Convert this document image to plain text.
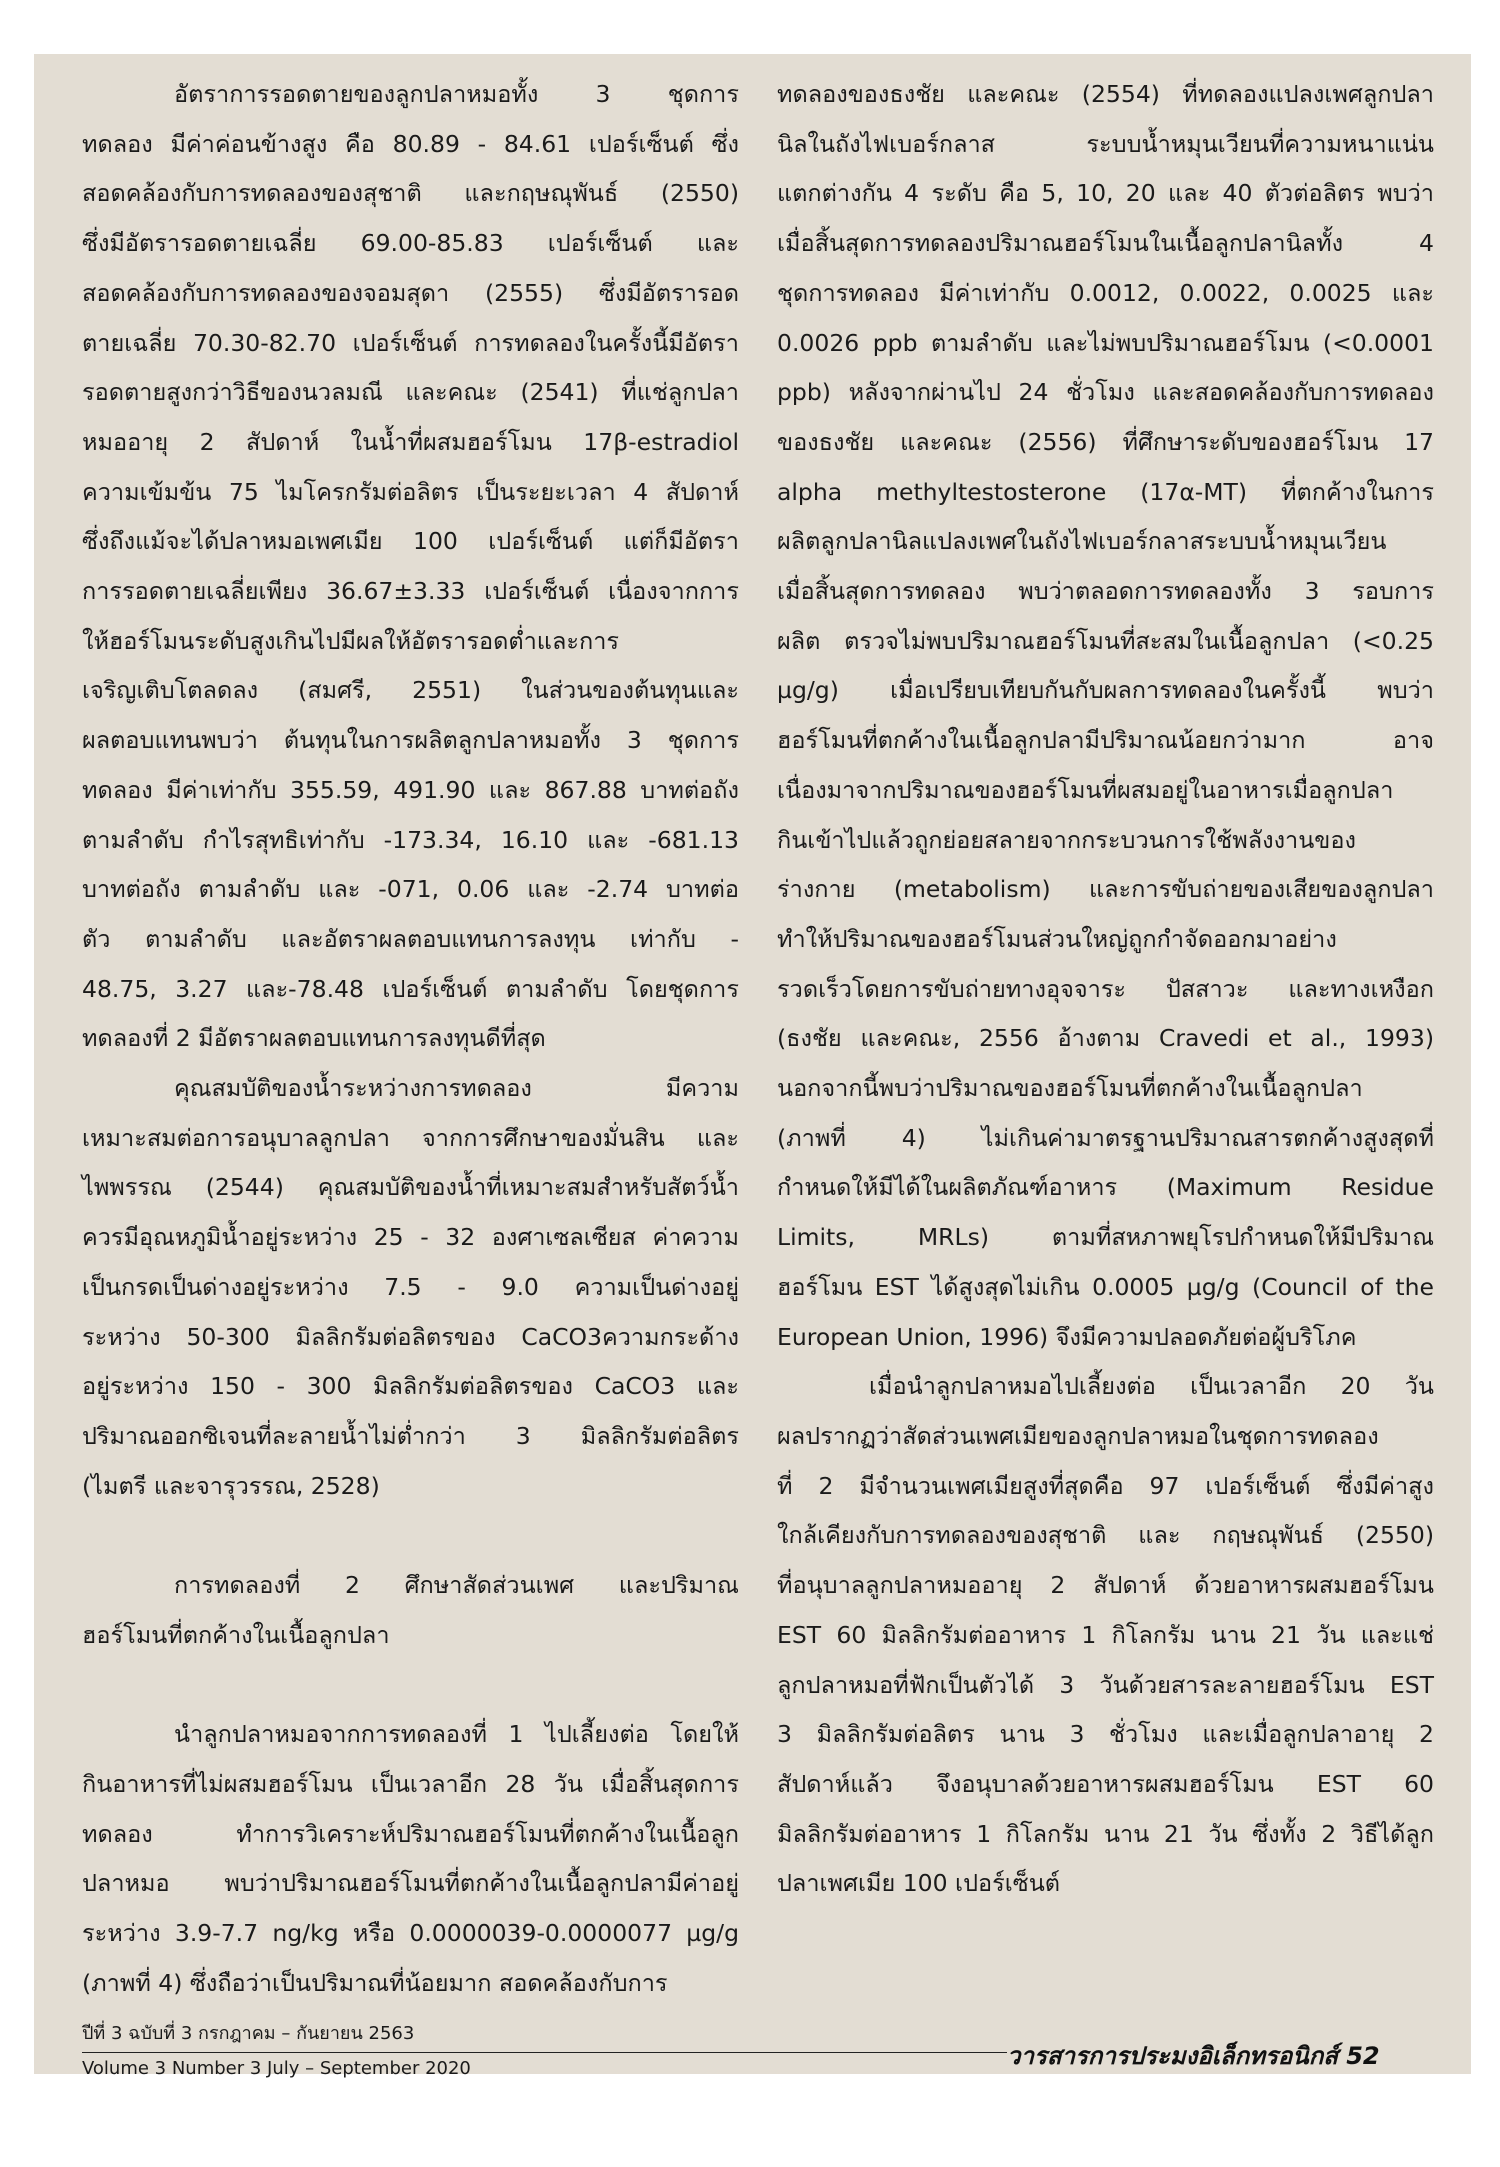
อัตราการรอดตายของลูกปลาหมอทั้ง 3 ชุดการ

ทดลอง มีค่าค่อนข้างสูง คือ 80.89 - 84.61 เปอร์เซ็นต์ ซึ่ง

สอดคล้องกับการทดลองของสุชาติ และกฤษณุพันธ์ (2550)

ซึ่งมีอัตรารอดตายเฉลี่ย 69.00-85.83 เปอร์เซ็นต์ และ

สอดคล้องกับการทดลองของจอมสุดา (2555) ซึ่งมีอัตรารอด

ตายเฉลี่ย 70.30-82.70 เปอร์เซ็นต์ การทดลองในครั้งนี้มีอัตรา

รอดตายสูงกว่าวิธีของนวลมณี และคณะ (2541) ที่แช่ลูกปลา

หมออายุ 2 สัปดาห์ ในน้ำที่ผสมฮอร์โมน 17β-estradiol

ความเข้มข้น 75 ไมโครกรัมต่อลิตร เป็นระยะเวลา 4 สัปดาห์

ซึ่งถึงแม้จะได้ปลาหมอเพศเมีย 100 เปอร์เซ็นต์ แต่ก็มีอัตรา

การรอดตายเฉลี่ยเพียง 36.67±3.33 เปอร์เซ็นต์ เนื่องจากการ

ให้ฮอร์โมนระดับสูงเกินไปมีผลให้อัตรารอดต่ำและการ

เจริญเติบโตลดลง (สมศรี, 2551) ในส่วนของต้นทุนและ

ผลตอบแทนพบว่า ต้นทุนในการผลิตลูกปลาหมอทั้ง 3 ชุดการ

ทดลอง มีค่าเท่ากับ 355.59, 491.90 และ 867.88 บาทต่อถัง

ตามลำดับ กำไรสุทธิเท่ากับ -173.34, 16.10 และ -681.13

บาทต่อถัง ตามลำดับ และ -071, 0.06 และ -2.74 บาทต่อ

ตัว ตามลำดับ และอัตราผลตอบแทนการลงทุน เท่ากับ -

48.75, 3.27 และ-78.48 เปอร์เซ็นต์ ตามลำดับ โดยชุดการ

ทดลองที่ 2 มีอัตราผลตอบแทนการลงทุนดีที่สุด

คุณสมบัติของน้ำระหว่างการทดลอง มีความ

เหมาะสมต่อการอนุบาลลูกปลา จากการศึกษาของมั่นสิน และ

ไพพรรณ (2544) คุณสมบัติของน้ำที่เหมาะสมสำหรับสัตว์น้ำ

ควรมีอุณหภูมิน้ำอยู่ระหว่าง 25 - 32 องศาเซลเซียส ค่าความ

เป็นกรดเป็นด่างอยู่ระหว่าง 7.5 - 9.0 ความเป็นด่างอยู่

ระหว่าง 50-300 มิลลิกรัมต่อลิตรของ CaCO3ความกระด้าง

อยู่ระหว่าง 150 - 300 มิลลิกรัมต่อลิตรของ CaCO3 และ

ปริมาณออกซิเจนที่ละลายน้ำไม่ต่ำกว่า 3 มิลลิกรัมต่อลิตร

(ไมตรี และจารุวรรณ, 2528)

การทดลองที่ 2 ศึกษาสัดส่วนเพศ และปริมาณ

ฮอร์โมนที่ตกค้างในเนื้อลูกปลา

นำลูกปลาหมอจากการทดลองที่ 1 ไปเลี้ยงต่อ โดยให้

กินอาหารที่ไม่ผสมฮอร์โมน เป็นเวลาอีก 28 วัน เมื่อสิ้นสุดการ

ทดลอง ทำการวิเคราะห์ปริมาณฮอร์โมนที่ตกค้างในเนื้อลูก

ปลาหมอ พบว่าปริมาณฮอร์โมนที่ตกค้างในเนื้อลูกปลามีค่าอยู่

ระหว่าง 3.9-7.7 ng/kg หรือ 0.0000039-0.0000077 µg/g

(ภาพที่ 4) ซึ่งถือว่าเป็นปริมาณที่น้อยมาก สอดคล้องกับการ

ทดลองของธงชัย และคณะ (2554) ที่ทดลองแปลงเพศลูกปลา

นิลในถังไฟเบอร์กลาส ระบบน้ำหมุนเวียนที่ความหนาแน่น

แตกต่างกัน 4 ระดับ คือ 5, 10, 20 และ 40 ตัวต่อลิตร พบว่า

เมื่อสิ้นสุดการทดลองปริมาณฮอร์โมนในเนื้อลูกปลานิลทั้ง 4

ชุดการทดลอง มีค่าเท่ากับ 0.0012, 0.0022, 0.0025 และ

0.0026 ppb ตามลำดับ และไม่พบปริมาณฮอร์โมน (<0.0001

ppb) หลังจากผ่านไป 24 ชั่วโมง และสอดคล้องกับการทดลอง

ของธงชัย และคณะ (2556) ที่ศึกษาระดับของฮอร์โมน 17

alpha methyltestosterone (17α-MT) ที่ตกค้างในการ

ผลิตลูกปลานิลแปลงเพศในถังไฟเบอร์กลาสระบบน้ำหมุนเวียน

เมื่อสิ้นสุดการทดลอง พบว่าตลอดการทดลองทั้ง 3 รอบการ

ผลิต ตรวจไม่พบปริมาณฮอร์โมนที่สะสมในเนื้อลูกปลา (<0.25

µg/g) เมื่อเปรียบเทียบกันกับผลการทดลองในครั้งนี้ พบว่า

ฮอร์โมนที่ตกค้างในเนื้อลูกปลามีปริมาณน้อยกว่ามาก อาจ

เนื่องมาจากปริมาณของฮอร์โมนที่ผสมอยู่ในอาหารเมื่อลูกปลา

กินเข้าไปแล้วถูกย่อยสลายจากกระบวนการใช้พลังงานของ

ร่างกาย (metabolism) และการขับถ่ายของเสียของลูกปลา

ทำให้ปริมาณของฮอร์โมนส่วนใหญ่ถูกกำจัดออกมาอย่าง

รวดเร็วโดยการขับถ่ายทางอุจจาระ ปัสสาวะ และทางเหงือก

(ธงชัย และคณะ, 2556 อ้างตาม Cravedi et al., 1993)

นอกจากนี้พบว่าปริมาณของฮอร์โมนที่ตกค้างในเนื้อลูกปลา

(ภาพที่ 4) ไม่เกินค่ามาตรฐานปริมาณสารตกค้างสูงสุดที่

กำหนดให้มีได้ในผลิตภัณฑ์อาหาร (Maximum Residue

Limits, MRLs) ตามที่สหภาพยุโรปกำหนดให้มีปริมาณ

ฮอร์โมน EST ได้สูงสุดไม่เกิน 0.0005 µg/g (Council of the

European Union, 1996) จึงมีความปลอดภัยต่อผู้บริโภค

เมื่อนำลูกปลาหมอไปเลี้ยงต่อ เป็นเวลาอีก 20 วัน

ผลปรากฏว่าสัดส่วนเพศเมียของลูกปลาหมอในชุดการทดลอง

ที่ 2 มีจำนวนเพศเมียสูงที่สุดคือ 97 เปอร์เซ็นต์ ซึ่งมีค่าสูง

ใกล้เคียงกับการทดลองของสุชาติ และ กฤษณุพันธ์ (2550)

ที่อนุบาลลูกปลาหมออายุ 2 สัปดาห์ ด้วยอาหารผสมฮอร์โมน

EST 60 มิลลิกรัมต่ออาหาร 1 กิโลกรัม นาน 21 วัน และแช่

ลูกปลาหมอที่ฟักเป็นตัวได้ 3 วันด้วยสารละลายฮอร์โมน EST

3 มิลลิกรัมต่อลิตร นาน 3 ชั่วโมง และเมื่อลูกปลาอายุ 2

สัปดาห์แล้ว จึงอนุบาลด้วยอาหารผสมฮอร์โมน EST 60

มิลลิกรัมต่ออาหาร 1 กิโลกรัม นาน 21 วัน ซึ่งทั้ง 2 วิธีได้ลูก

ปลาเพศเมีย 100 เปอร์เซ็นต์

ปีที่ 3 ฉบับที่ 3 กรกฎาคม – กันยายน 2563
วารสารการประมงอิเล็กทรอนิกส์ 52
Volume 3 Number 3 July – September 2020
